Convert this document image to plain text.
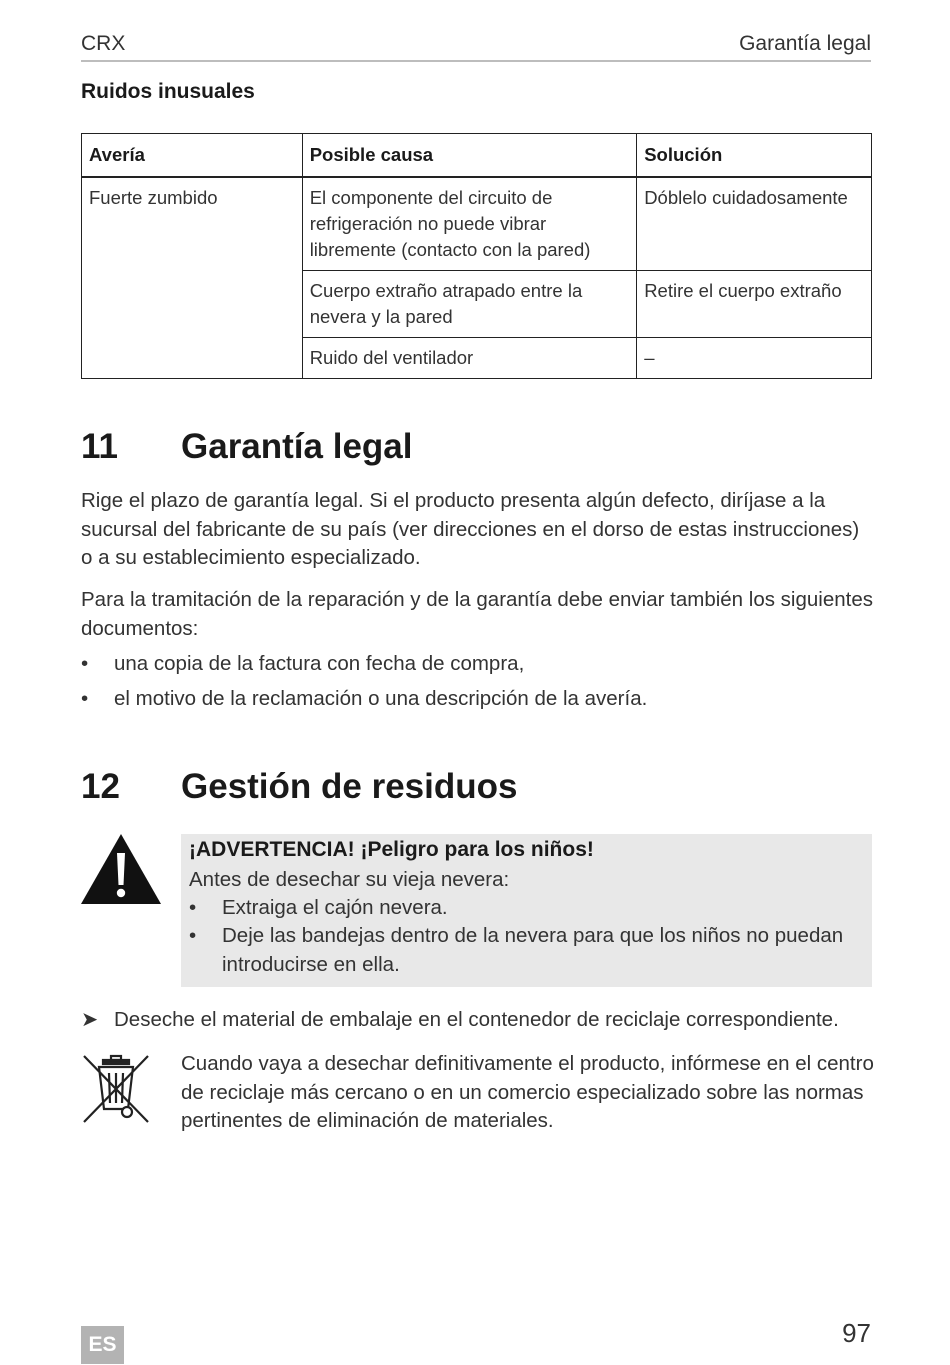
CRX	Garantía legal
Ruidos inusuales
Avería	Posible causa	Solución
Fuerte zumbido	El componente del circuito de refrigeración no puede vibrar libremente (contacto con la pared)	Dóblelo cuidadosamente
	Cuerpo extraño atrapado entre la nevera y la pared	Retire el cuerpo extraño
	Ruido del ventilador	–
11 Garantía legal
Rige el plazo de garantía legal. Si el producto presenta algún defecto, diríjase a la sucursal del fabricante de su país (ver direcciones en el dorso de estas instrucciones) o a su establecimiento especializado.
Para la tramitación de la reparación y de la garantía debe enviar también los siguientes documentos:
• una copia de la factura con fecha de compra,
• el motivo de la reclamación o una descripción de la avería.
12 Gestión de residuos
¡ADVERTENCIA! ¡Peligro para los niños!
Antes de desechar su vieja nevera:
• Extraiga el cajón nevera.
• Deje las bandejas dentro de la nevera para que los niños no puedan introducirse en ella.
➤ Deseche el material de embalaje en el contenedor de reciclaje correspondiente.
Cuando vaya a desechar definitivamente el producto, infórmese en el centro de reciclaje más cercano o en un comercio especializado sobre las normas pertinentes de eliminación de materiales.
ES	97
